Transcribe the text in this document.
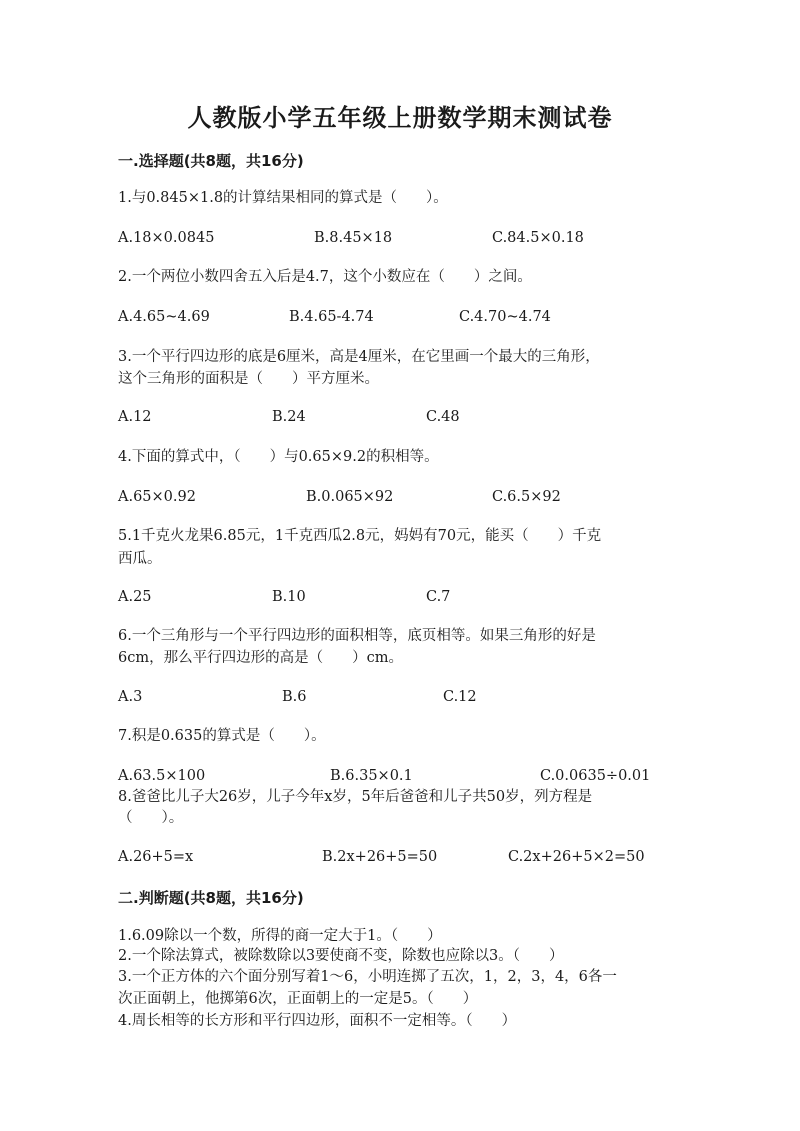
人教版小学五年级上册数学期末测试卷
一.选择题(共8题，共16分)
1.与0.845×1.8的计算结果相同的算式是（　　）。
A.18×0.0845	B.8.45×18	C.84.5×0.18
2.一个两位小数四舍五入后是4.7，这个小数应在（　　）之间。
A.4.65~4.69	B.4.65-4.74	C.4.70~4.74
3.一个平行四边形的底是6厘米，高是4厘米，在它里画一个最大的三角形，
这个三角形的面积是（　　）平方厘米。
A.12	B.24	C.48
4.下面的算式中，（　　）与0.65×9.2的积相等。
A.65×0.92	B.0.065×92	C.6.5×92
5.1千克火龙果6.85元，1千克西瓜2.8元，妈妈有70元，能买（　　）千克
西瓜。
A.25	B.10	C.7
6.一个三角形与一个平行四边形的面积相等，底页相等。如果三角形的好是
6cm，那么平行四边形的高是（　　）cm。
A.3	B.6	C.12
7.积是0.635的算式是（　　）。
A.63.5×100	B.6.35×0.1	C.0.0635÷0.01
8.爸爸比儿子大26岁，儿子今年x岁，5年后爸爸和儿子共50岁，列方程是
（　　）。
A.26+5=x	B.2x+26+5=50	C.2x+26+5×2=50
二.判断题(共8题，共16分)
1.6.09除以一个数，所得的商一定大于1。（　　）
2.一个除法算式，被除数除以3要使商不变，除数也应除以3。（　　）
3.一个正方体的六个面分别写着1～6，小明连掷了五次，1，2，3，4，6各一
次正面朝上，他掷第6次，正面朝上的一定是5。（　　）
4.周长相等的长方形和平行四边形，面积不一定相等。（　　）
